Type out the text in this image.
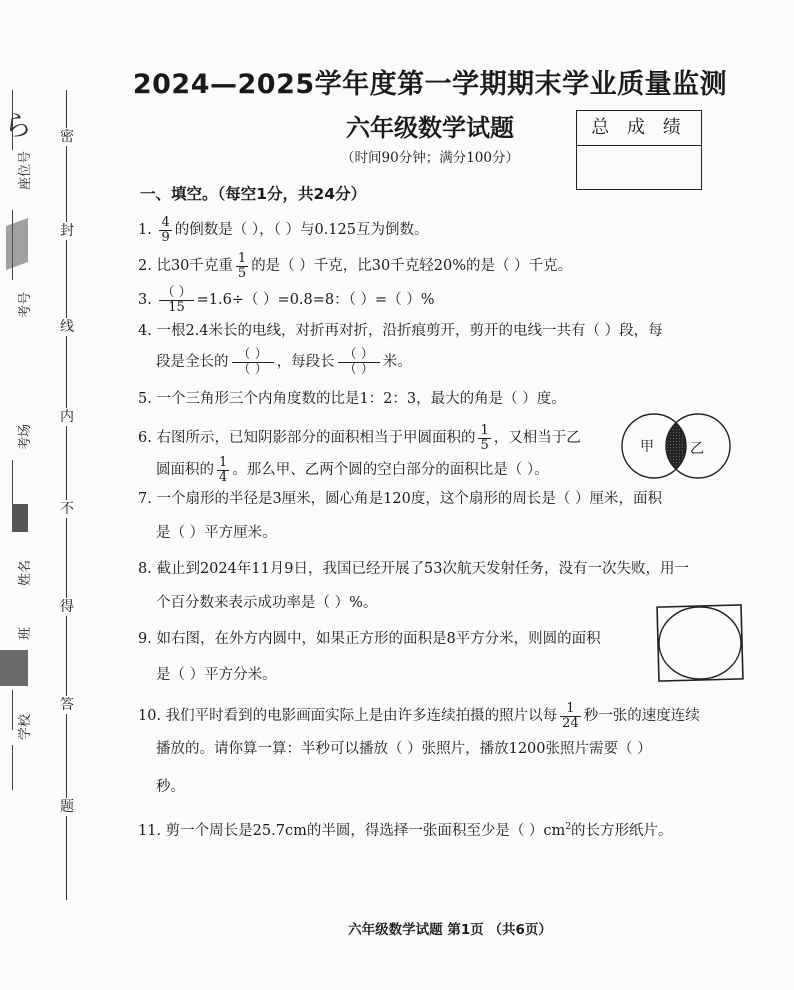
密
封
线
内
不
得
答
题
座位号
ら
考号
考场
姓名
班
学校
2024—2025学年度第一学期期末学业质量监测
六年级数学试题
（时间90分钟；满分100分）
总 成 绩
一、填空。（每空1分，共24分）
1. $\frac{4}{9}$ 的倒数是（ ），（ ）与0.125互为倒数。
2. 比30千克重 $\frac{1}{5}$ 的是（ ）千克，比30千克轻20%的是（ ）千克。
3. $\frac{( )}{15} =1.6\div$（ ）=0.8=8：（ ）=（ ）%
4. 一根2.4米长的电线，对折再对折，沿折痕剪开，剪开的电线一共有（ ）段，每
段是全长的 $\frac{( )}{( )}$ ，每段长 $\frac{( )}{( )}$ 米。
5. 一个三角形三个内角度数的比是1：2：3，最大的角是（ ）度。
6. 右图所示，已知阴影部分的面积相当于甲圆面积的 $\frac{1}{5}$ ，又相当于乙
圆面积的 $\frac{1}{4}$ 。那么甲、乙两个圆的空白部分的面积比是（ ）。
甲	乙
7. 一个扇形的半径是3厘米，圆心角是120度，这个扇形的周长是（ ）厘米，面积
是（ ）平方厘米。
8. 截止到2024年11月9日，我国已经开展了53次航天发射任务，没有一次失败，用一
个百分数来表示成功率是（ ）%。
9. 如右图，在外方内圆中，如果正方形的面积是8平方分米，则圆的面积
是（ ）平方分米。
10. 我们平时看到的电影画面实际上是由许多连续拍摄的照片以每 $\frac{1}{24}$ 秒一张的速度连续
播放的。请你算一算：半秒可以播放（ ）张照片，播放1200张照片需要（ ）
秒。
11. 剪一个周长是25.7cm的半圆，得选择一张面积至少是（ ）$cm^2$的长方形纸片。
六年级数学试题 第1页 （共6页）
